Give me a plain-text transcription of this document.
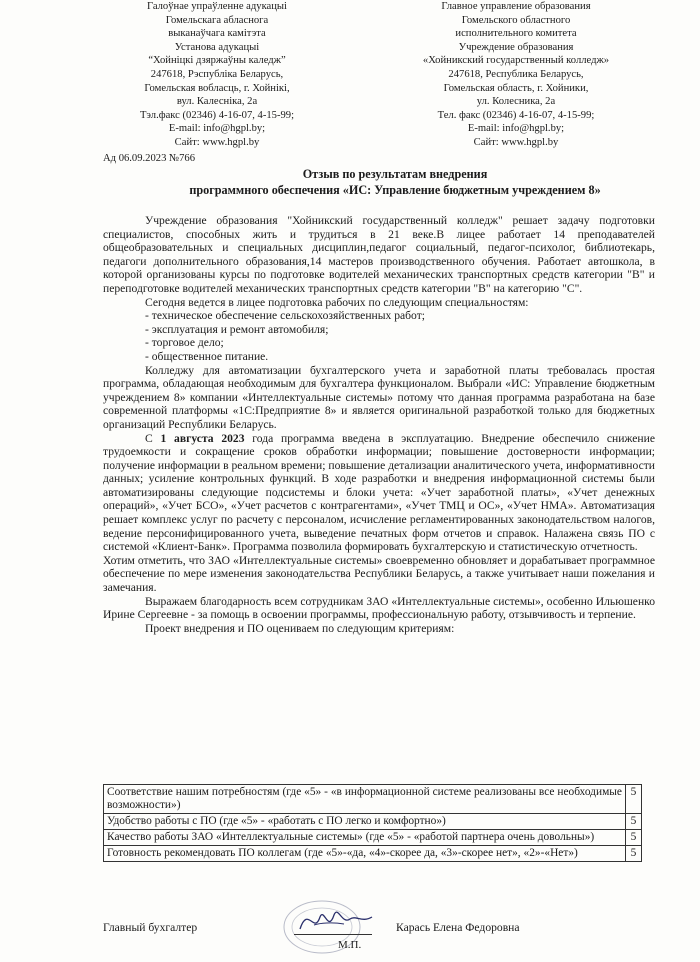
Галоўнае упраўленне адукацыі
Гомельскага абласнога
выканаўчага камітэта
Установа адукацыі
“Хойніцкі дзяржаўны каледж”
247618, Рэспубліка Беларусь,
Гомельская вобласць, г. Хойнікі,
вул. Калесніка, 2а
Тэл.факс (02346) 4-16-07, 4-15-99;
E-mail: info@hgpl.by;
Сайт: www.hgpl.by
Главное управление образования
Гомельского областного
исполнительного комитета
Учреждение образования
«Хойникский государственный колледж»
247618, Республика Беларусь,
Гомельская область, г. Хойники,
ул. Колесника, 2а
Тел. факс (02346) 4-16-07, 4-15-99;
E-mail: info@hgpl.by;
Сайт: www.hgpl.by
Ад 06.09.2023 №766
Отзыв по результатам внедрения
программного обеспечения «ИС: Управление бюджетным учреждением 8»

Учреждение образования "Хойникский государственный колледж" решает задачу подготовки специалистов, способных жить и трудиться в 21 веке.В лицее работает 14 преподавателей общеобразовательных и специальных дисциплин,педагог социальный, педагог-психолог, библиотекарь, педагоги дополнительного образования,14 мастеров производственного обучения. Работает автошкола, в которой организованы курсы по подготовке водителей механических транспортных средств категории "В" и переподготовке водителей механических транспортных средств категории "В" на категорию "С".

Сегодня ведется в лицее подготовка рабочих по следующим специальностям:

- техническое обеспечение сельскохозяйственных работ;
- эксплуатация и ремонт автомобиля;
- торговое дело;
- общественное питание.

Колледжу для автоматизации бухгалтерского учета и заработной платы требовалась простая программа, обладающая необходимым для бухгалтера функционалом. Выбрали «ИС: Управление бюджетным учреждением 8» компании «Интеллектуальные системы» потому что данная программа разработана на базе современной платформы «1С:Предприятие 8» и является оригинальной разработкой только для бюджетных организаций Республики Беларусь.

С 1 августа 2023 года программа введена в эксплуатацию. Внедрение обеспечило снижение трудоемкости и сокращение сроков обработки информации; повышение достоверности информации; получение информации в реальном времени; повышение детализации аналитического учета, информативности данных; усиление контрольных функций. В ходе разработки и внедрения информационной системы были автоматизированы следующие подсистемы и блоки учета: «Учет заработной платы», «Учет денежных операций», «Учет БСО», «Учет расчетов с контрагентами», «Учет ТМЦ и ОС», «Учет НМА». Автоматизация решает комплекс услуг по расчету с персоналом, исчисление регламентированных законодательством налогов, ведение персонифицированного учета, выведение печатных форм отчетов и справок. Налажена связь ПО с системой «Клиент-Банк». Программа позволила формировать бухгалтерскую и статистическую отчетность.

Хотим отметить, что ЗАО «Интеллектуальные системы» своевременно обновляет и дорабатывает программное обеспечение по мере изменения законодательства Республики Беларусь, а также учитывает наши пожелания и замечания.

Выражаем благодарность всем сотрудникам ЗАО «Интеллектуальные системы», особенно Ильюшенко Ирине Сергеевне - за помощь в освоении программы, профессиональную работу, отзывчивость и терпение.

Проект внедрения и ПО оцениваем по следующим критериям:

Соответствие нашим потребностям (где «5» - «в информационной системе реализованы все необходимые возможности»)	5
Удобство работы с ПО (где «5» - «работать с ПО легко и комфортно»)	5
Качество работы ЗАО «Интеллектуальные системы» (где «5» - «работой партнера очень довольны»)	5
Готовность рекомендовать ПО коллегам (где «5»-«да, «4»-скорее да, «3»-скорее нет», «2»-«Нет»)	5
Главный бухгалтер	Карась Елена Федоровна
М.П.
